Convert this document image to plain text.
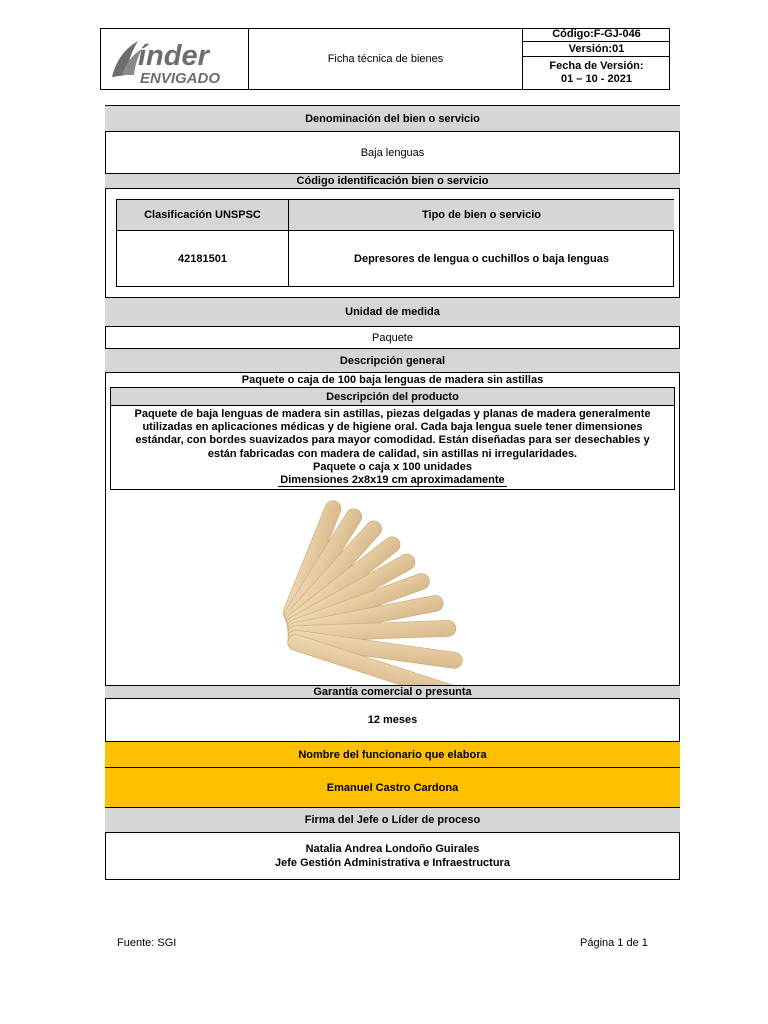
índer
ENVIGADO
Ficha técnica de bienes
Código:F-GJ-046
Versión:01
Fecha de Versión:
01 – 10 - 2021
Denominación del bien o servicio
Baja lenguas
Código identificación bien o servicio
Clasificación UNSPSC	Tipo de bien o servicio
42181501	Depresores de lengua o cuchillos o baja lenguas
Unidad de medida
Paquete
Descripción general
Paquete o caja de 100 baja lenguas de madera sin astillas
Descripción del producto
Paquete de baja lenguas de madera sin astillas, piezas delgadas y planas de madera generalmente
utilizadas en aplicaciones médicas y de higiene oral. Cada baja lengua suele tener dimensiones
estándar, con bordes suavizados para mayor comodidad. Están diseñadas para ser desechables y
están fabricadas con madera de calidad, sin astillas ni irregularidades.
Paquete o caja x 100 unidades
Dimensiones 2x8x19 cm aproximadamente
Garantía comercial o presunta
12 meses
Nombre del funcionario que elabora
Emanuel Castro Cardona
Firma del Jefe o Líder de proceso
Natalia Andrea Londoño Guirales
Jefe Gestión Administrativa e Infraestructura
Fuente: SGI	Página 1 de 1
